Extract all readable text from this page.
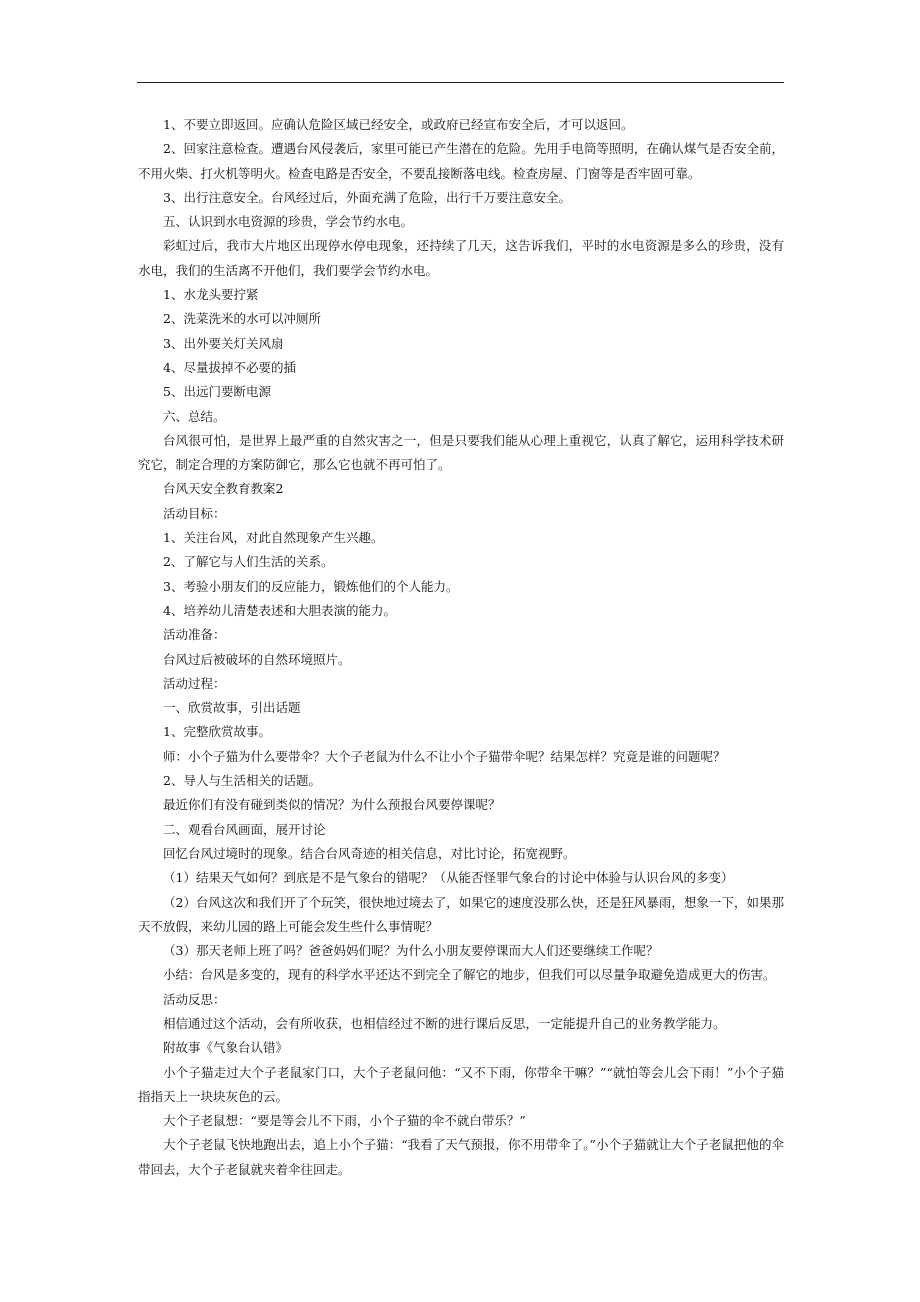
1、不要立即返回。应确认危险区域已经安全，或政府已经宣布安全后，才可以返回。

2、回家注意检查。遭遇台风侵袭后，家里可能已产生潜在的危险。先用手电筒等照明，在确认煤气是否安全前，不用火柴、打火机等明火。检查电路是否安全，不要乱接断落电线。检查房屋、门窗等是否牢固可靠。

3、出行注意安全。台风经过后，外面充满了危险，出行千万要注意安全。

五、认识到水电资源的珍贵，学会节约水电。

彩虹过后，我市大片地区出现停水停电现象，还持续了几天，这告诉我们，平时的水电资源是多么的珍贵，没有水电，我们的生活离不开他们，我们要学会节约水电。

1、水龙头要拧紧

2、洗菜洗米的水可以冲厕所

3、出外要关灯关风扇

4、尽量拔掉不必要的插

5、出远门要断电源

六、总结。

台风很可怕，是世界上最严重的自然灾害之一，但是只要我们能从心理上重视它，认真了解它，运用科学技术研究它，制定合理的方案防御它，那么它也就不再可怕了。

台风天安全教育教案2

活动目标：

1、关注台风，对此自然现象产生兴趣。

2、了解它与人们生活的关系。

3、考验小朋友们的反应能力，锻炼他们的个人能力。

4、培养幼儿清楚表述和大胆表演的能力。

活动准备：

台风过后被破坏的自然环境照片。

活动过程：

一、欣赏故事，引出话题

1、完整欣赏故事。

师：小个子猫为什么要带伞？大个子老鼠为什么不让小个子猫带伞呢？结果怎样？究竟是谁的问题呢？

2、导人与生活相关的话题。

最近你们有没有碰到类似的情况？为什么预报台风要停课呢？

二、观看台风画面，展开讨论

回忆台风过境时的现象。结合台风奇迹的相关信息，对比讨论，拓宽视野。

（1）结果天气如何？到底是不是气象台的错呢？（从能否怪罪气象台的讨论中体验与认识台风的多变）

（2）台风这次和我们开了个玩笑，很快地过境去了，如果它的速度没那么快，还是狂风暴雨，想象一下，如果那天不放假，来幼儿园的路上可能会发生些什么事情呢？

（3）那天老师上班了吗？爸爸妈妈们呢？为什么小朋友要停课而大人们还要继续工作呢？

小结：台风是多变的，现有的科学水平还达不到完全了解它的地步，但我们可以尽量争取避免造成更大的伤害。

活动反思：

相信通过这个活动，会有所收获，也相信经过不断的进行课后反思，一定能提升自己的业务教学能力。

附故事《气象台认错》

小个子猫走过大个子老鼠家门口，大个子老鼠问他：“又不下雨，你带伞干嘛？”“就怕等会儿会下雨！”小个子猫指指天上一块块灰色的云。

大个子老鼠想：“要是等会儿不下雨，小个子猫的伞不就白带乐？”

大个子老鼠飞快地跑出去，追上小个子猫：“我看了天气预报，你不用带伞了。”小个子猫就让大个子老鼠把他的伞带回去，大个子老鼠就夹着伞往回走。
